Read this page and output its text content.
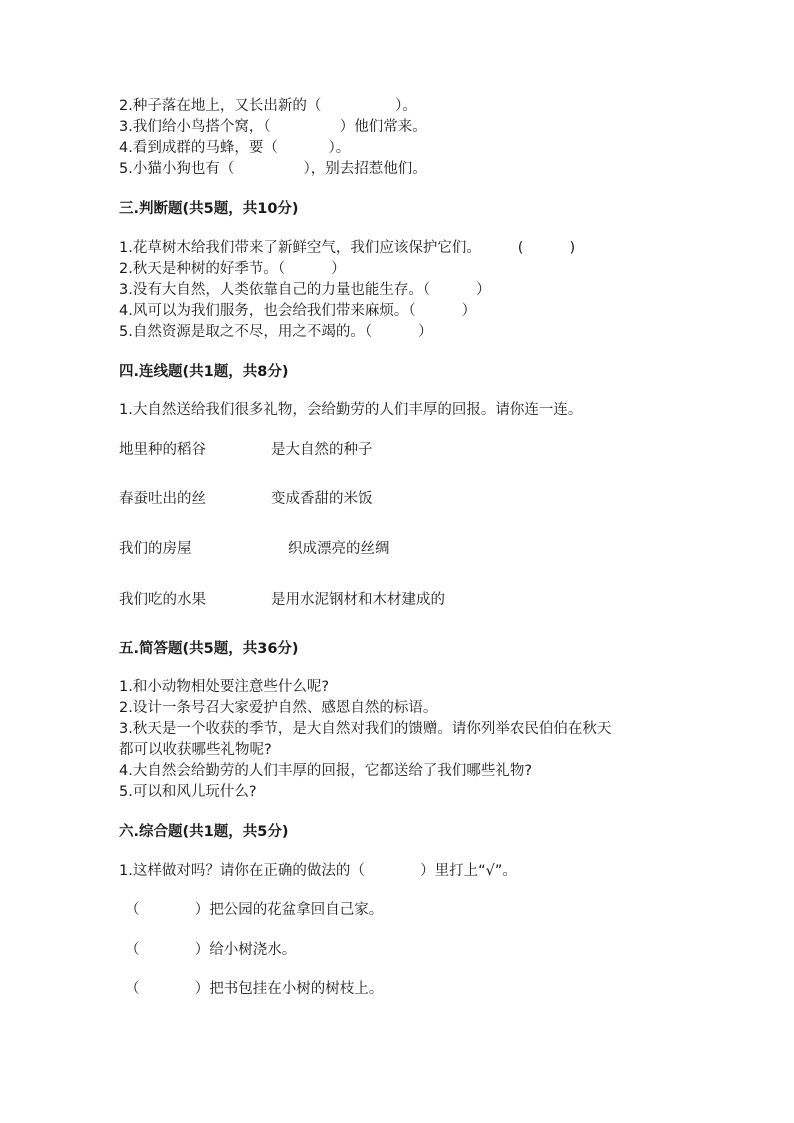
2.种子落在地上，又长出新的（                ）。
3.我们给小鸟搭个窝，（               ）他们常来。
4.看到成群的马蜂，要（           ）。
5.小猫小狗也有（               ），别去招惹他们。
三.判断题(共5题，共10分)
1.花草树木给我们带来了新鲜空气，我们应该保护它们。        (          )
2.秋天是种树的好季节。（          ）
3.没有大自然，人类依靠自己的力量也能生存。（          ）
4.风可以为我们服务，也会给我们带来麻烦。（          ）
5.自然资源是取之不尽，用之不竭的。（          ）
四.连线题(共1题，共8分)
1.大自然送给我们很多礼物，会给勤劳的人们丰厚的回报。请你连一连。
地里种的稻谷	是大自然的种子
春蚕吐出的丝	变成香甜的米饭
我们的房屋	织成漂亮的丝绸
我们吃的水果	是用水泥钢材和木材建成的
五.简答题(共5题，共36分)
1.和小动物相处要注意些什么呢?
2.设计一条号召大家爱护自然、感恩自然的标语。
3.秋天是一个收获的季节，是大自然对我们的馈赠。请你列举农民伯伯在秋天
都可以收获哪些礼物呢?
4.大自然会给勤劳的人们丰厚的回报，它都送给了我们哪些礼物?
5.可以和风儿玩什么?
六.综合题(共1题，共5分)
1.这样做对吗？请你在正确的做法的（            ）里打上“√”。
（            ）把公园的花盆拿回自己家。
（            ）给小树浇水。
（            ）把书包挂在小树的树枝上。
